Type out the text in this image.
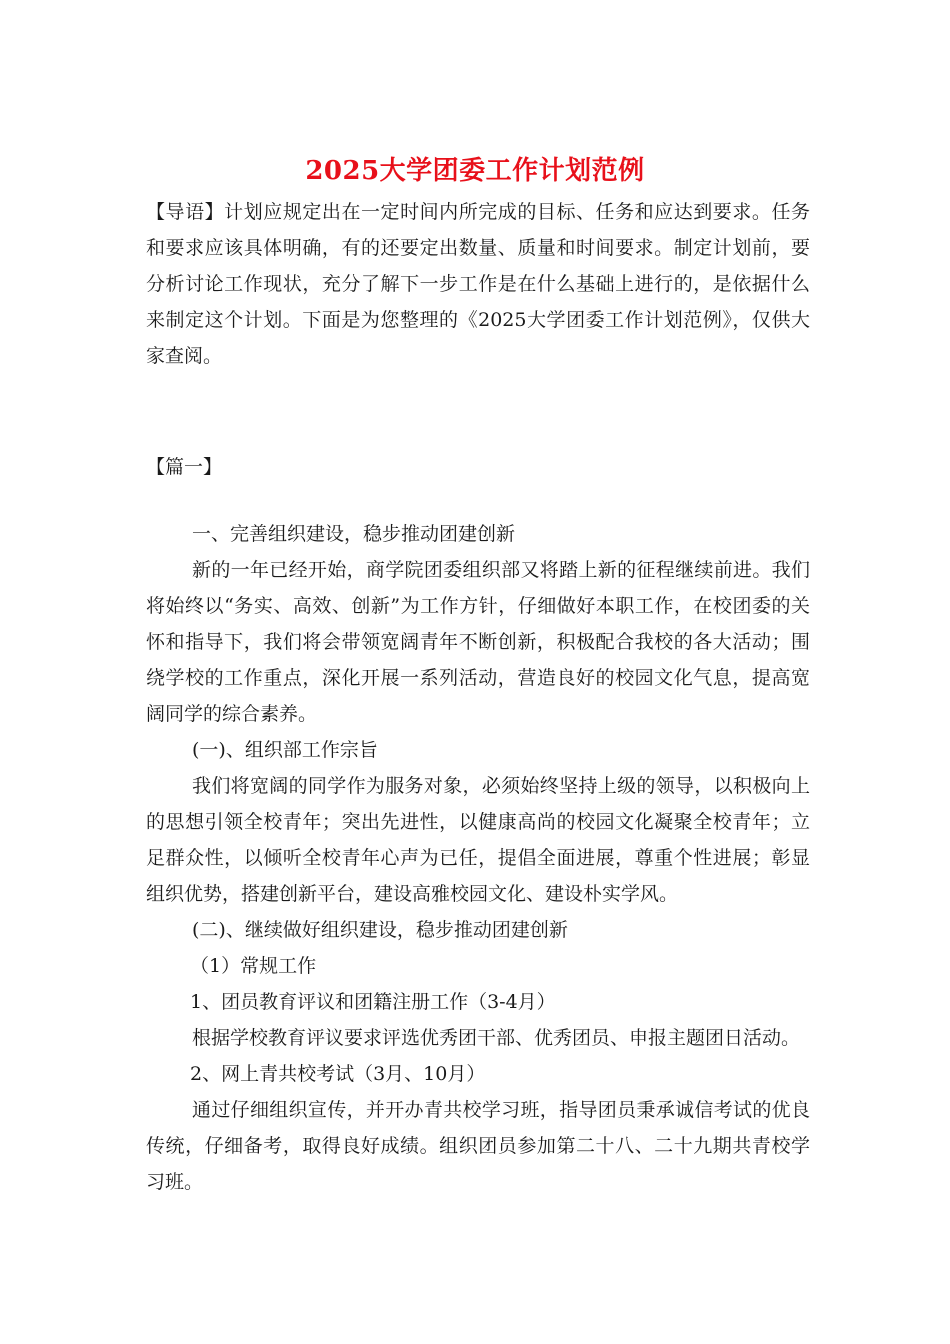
2025大学团委工作计划范例

【导语】计划应规定出在一定时间内所完成的目标、任务和应达到要求。任务和要求应该具体明确，有的还要定出数量、质量和时间要求。制定计划前，要分析讨论工作现状，充分了解下一步工作是在什么基础上进行的，是依据什么来制定这个计划。下面是为您整理的《2025大学团委工作计划范例》，仅供大家查阅。

【篇一】

一、完善组织建设，稳步推动团建创新

新的一年已经开始，商学院团委组织部又将踏上新的征程继续前进。我们将始终以“务实、高效、创新”为工作方针，仔细做好本职工作，在校团委的关怀和指导下，我们将会带领宽阔青年不断创新，积极配合我校的各大活动；围绕学校的工作重点，深化开展一系列活动，营造良好的校园文化气息，提高宽阔同学的综合素养。

(一)、组织部工作宗旨

我们将宽阔的同学作为服务对象，必须始终坚持上级的领导，以积极向上的思想引领全校青年；突出先进性，以健康高尚的校园文化凝聚全校青年；立足群众性，以倾听全校青年心声为已任，提倡全面进展，尊重个性进展；彰显组织优势，搭建创新平台，建设高雅校园文化、建设朴实学风。

(二)、继续做好组织建设，稳步推动团建创新

（1）常规工作

1、团员教育评议和团籍注册工作（3-4月）

根据学校教育评议要求评选优秀团干部、优秀团员、申报主题团日活动。

2、网上青共校考试（3月、10月）

通过仔细组织宣传，并开办青共校学习班，指导团员秉承诚信考试的优良传统，仔细备考，取得良好成绩。组织团员参加第二十八、二十九期共青校学习班。
